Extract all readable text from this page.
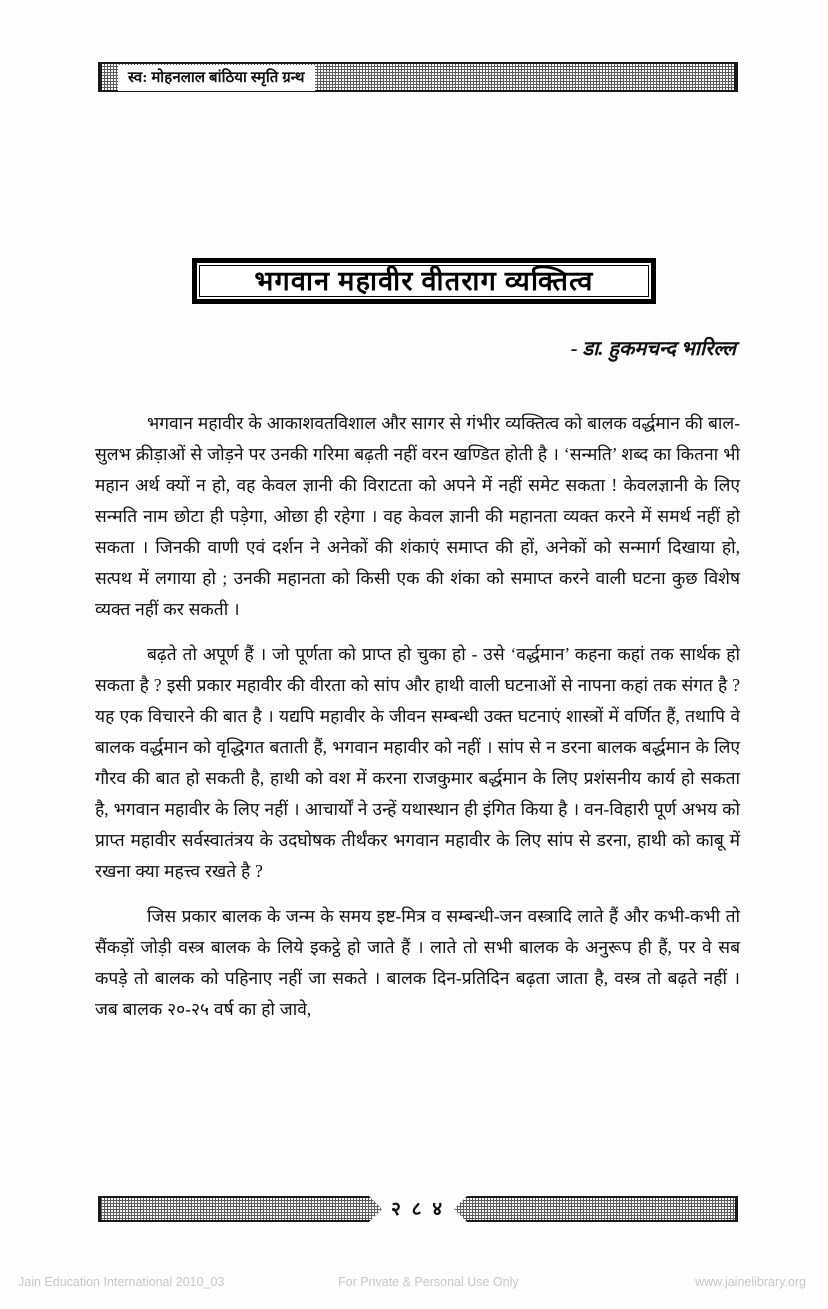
स्व: मोहनलाल बांठिया स्मृति ग्रन्थ
भगवान महावीर वीतराग व्यक्तित्व
- डा. हुकमचन्द भारिल्ल

भगवान महावीर के आकाशवतविशाल और सागर से गंभीर व्यक्तित्व को बालक वर्द्धमान की बाल-सुलभ क्रीड़ाओं से जोड़ने पर उनकी गरिमा बढ़ती नहीं वरन खण्डित होती है । ‘सन्मति’ शब्द का कितना भी महान अर्थ क्यों न हो, वह केवल ज्ञानी की विराटता को अपने में नहीं समेट सकता ! केवलज्ञानी के लिए सन्मति नाम छोटा ही पड़ेगा, ओछा ही रहेगा । वह केवल ज्ञानी की महानता व्यक्त करने में समर्थ नहीं हो सकता । जिनकी वाणी एवं दर्शन ने अनेकों की शंकाएं समाप्त की हों, अनेकों को सन्मार्ग दिखाया हो, सत्पथ में लगाया हो ; उनकी महानता को किसी एक की शंका को समाप्त करने वाली घटना कुछ विशेष व्यक्त नहीं कर सकती ।

बढ़ते तो अपूर्ण हैं । जो पूर्णता को प्राप्त हो चुका हो - उसे ‘वर्द्धमान’ कहना कहां तक सार्थक हो सकता है ? इसी प्रकार महावीर की वीरता को सांप और हाथी वाली घटनाओं से नापना कहां तक संगत है ? यह एक विचारने की बात है । यद्यपि महावीर के जीवन सम्बन्धी उक्त घटनाएं शास्त्रों में वर्णित हैं, तथापि वे बालक वर्द्धमान को वृद्धिगत बताती हैं, भगवान महावीर को नहीं । सांप से न डरना बालक बर्द्धमान के लिए गौरव की बात हो सकती है, हाथी को वश में करना राजकुमार बर्द्धमान के लिए प्रशंसनीय कार्य हो सकता है, भगवान महावीर के लिए नहीं । आचार्यों ने उन्हें यथास्थान ही इंगित किया है । वन-विहारी पूर्ण अभय को प्राप्त महावीर सर्वस्वातंत्रय के उदघोषक तीर्थंकर भगवान महावीर के लिए सांप से डरना, हाथी को काबू में रखना क्या महत्त्व रखते है ?

जिस प्रकार बालक के जन्म के समय इष्ट-मित्र व सम्बन्धी-जन वस्त्रादि लाते हैं और कभी-कभी तो सैंकड़ों जोड़ी वस्त्र बालक के लिये इकट्ठे हो जाते हैं । लाते तो सभी बालक के अनुरूप ही हैं, पर वे सब कपड़े तो बालक को पहिनाए नहीं जा सकते । बालक दिन-प्रतिदिन बढ़ता जाता है, वस्त्र तो बढ़ते नहीं । जब बालक २०-२५ वर्ष का हो जावे,

२ ८ ४
Jain Education International 2010_03	For Private & Personal Use Only	www.jainelibrary.org
